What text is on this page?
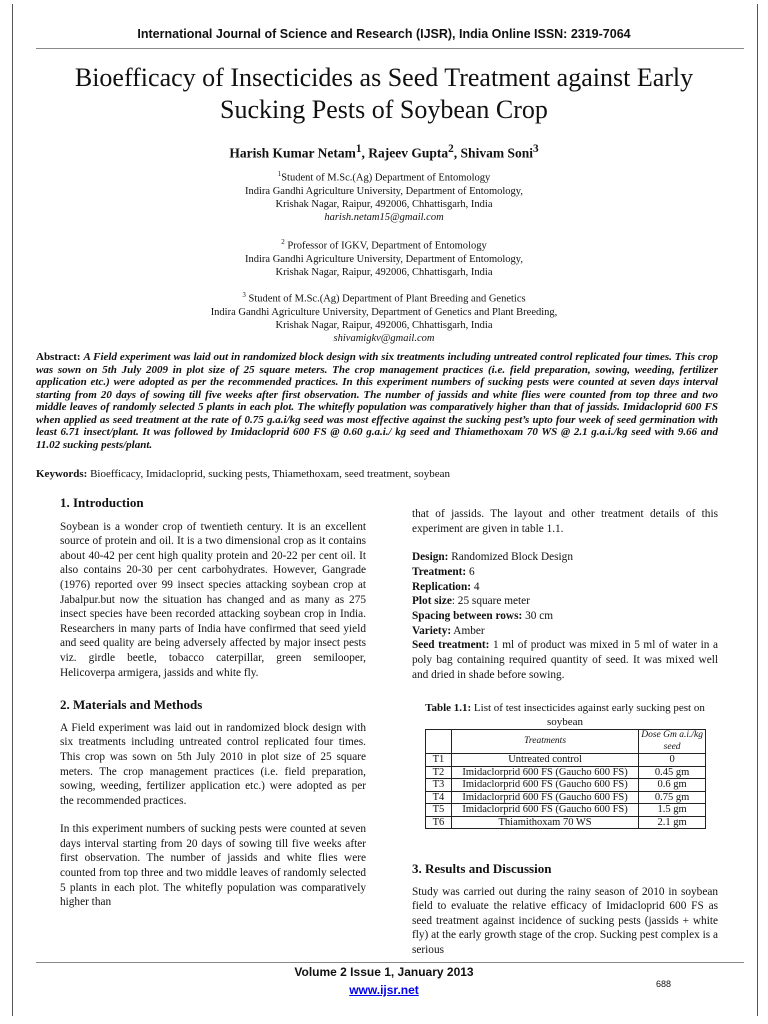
International Journal of Science and Research (IJSR), India Online ISSN: 2319-7064
Bioefficacy of Insecticides as Seed Treatment against Early Sucking Pests of Soybean Crop
Harish Kumar Netam$^1$, Rajeev Gupta$^2$, Shivam Soni$^3$
$^1$Student of M.Sc.(Ag) Department of Entomology
Indira Gandhi Agriculture University, Department of Entomology,
Krishak Nagar, Raipur, 492006, Chhattisgarh, India
harish.netam15@gmail.com
$^2$ Professor of IGKV, Department of Entomology
Indira Gandhi Agriculture University, Department of Entomology,
Krishak Nagar, Raipur, 492006, Chhattisgarh, India
$^3$ Student of M.Sc.(Ag) Department of Plant Breeding and Genetics
Indira Gandhi Agriculture University, Department of Genetics and Plant Breeding,
Krishak Nagar, Raipur, 492006, Chhattisgarh, India
shivamigkv@gmail.com
Abstract: A Field experiment was laid out in randomized block design with six treatments including untreated control replicated four times. This crop was sown on 5th July 2009 in plot size of 25 square meters. The crop management practices (i.e. field preparation, sowing, weeding, fertilizer application etc.) were adopted as per the recommended practices. In this experiment numbers of sucking pests were counted at seven days interval starting from 20 days of sowing till five weeks after first observation. The number of jassids and white flies were counted from top three and two middle leaves of randomly selected 5 plants in each plot. The whitefly population was comparatively higher than that of jassids. Imidacloprid 600 FS when applied as seed treatment at the rate of 0.75 g.a.i/kg seed was most effective against the sucking pest’s upto four week of seed germination with least 6.71 insect/plant. It was followed by Imidacloprid 600 FS @ 0.60 g.a.i./ kg seed and Thiamethoxam 70 WS @ 2.1 g.a.i./kg seed with 9.66 and 11.02 sucking pests/plant.
Keywords: Bioefficacy, Imidacloprid, sucking pests, Thiamethoxam, seed treatment, soybean
1. Introduction

Soybean is a wonder crop of twentieth century. It is an excellent source of protein and oil. It is a two dimensional crop as it contains about 40-42 per cent high quality protein and 20-22 per cent oil. It also contains 20-30 per cent carbohydrates. However, Gangrade (1976) reported over 99 insect species attacking soybean crop at Jabalpur.but now the situation has changed and as many as 275 insect species have been recorded attacking soybean crop in India. Researchers in many parts of India have confirmed that seed yield and seed quality are being adversely affected by major insect pests viz. girdle beetle, tobacco caterpillar, green semilooper, Helicoverpa armigera, jassids and white fly.

2. Materials and Methods

A Field experiment was laid out in randomized block design with six treatments including untreated control replicated four times. This crop was sown on 5th July 2010 in plot size of 25 square meters. The crop management practices (i.e. field preparation, sowing, weeding, fertilizer application etc.) were adopted as per the recommended practices.

In this experiment numbers of sucking pests were counted at seven days interval starting from 20 days of sowing till five weeks after first observation. The number of jassids and white flies were counted from top three and two middle leaves of randomly selected 5 plants in each plot. The whitefly population was comparatively higher than

that of jassids. The layout and other treatment details of this experiment are given in table 1.1.

Design: Randomized Block Design

Treatment: 6

Replication: 4

Plot size: 25 square meter

Spacing between rows: 30 cm

Variety: Amber

Seed treatment: 1 ml of product was mixed in 5 ml of water in a poly bag containing required quantity of seed. It was mixed well and dried in shade before sowing.

Table 1.1: List of test insecticides against early sucking pest on soybean
	Treatments	Dose Gm a.i./kg seed
T1	Untreated control	0
T2	Imidaclorprid 600 FS (Gaucho 600 FS)	0.45 gm
T3	Imidaclorprid 600 FS (Gaucho 600 FS)	0.6 gm
T4	Imidaclorprid 600 FS (Gaucho 600 FS)	0.75 gm
T5	Imidaclorprid 600 FS (Gaucho 600 FS)	1.5 gm
T6	Thiamithoxam 70 WS	2.1 gm
3. Results and Discussion

Study was carried out during the rainy season of 2010 in soybean field to evaluate the relative efficacy of Imidacloprid 600 FS as seed treatment against incidence of sucking pests (jassids + white fly) at the early growth stage of the crop. Sucking pest complex is a serious

Volume 2 Issue 1, January 2013
www.ijsr.net	688
